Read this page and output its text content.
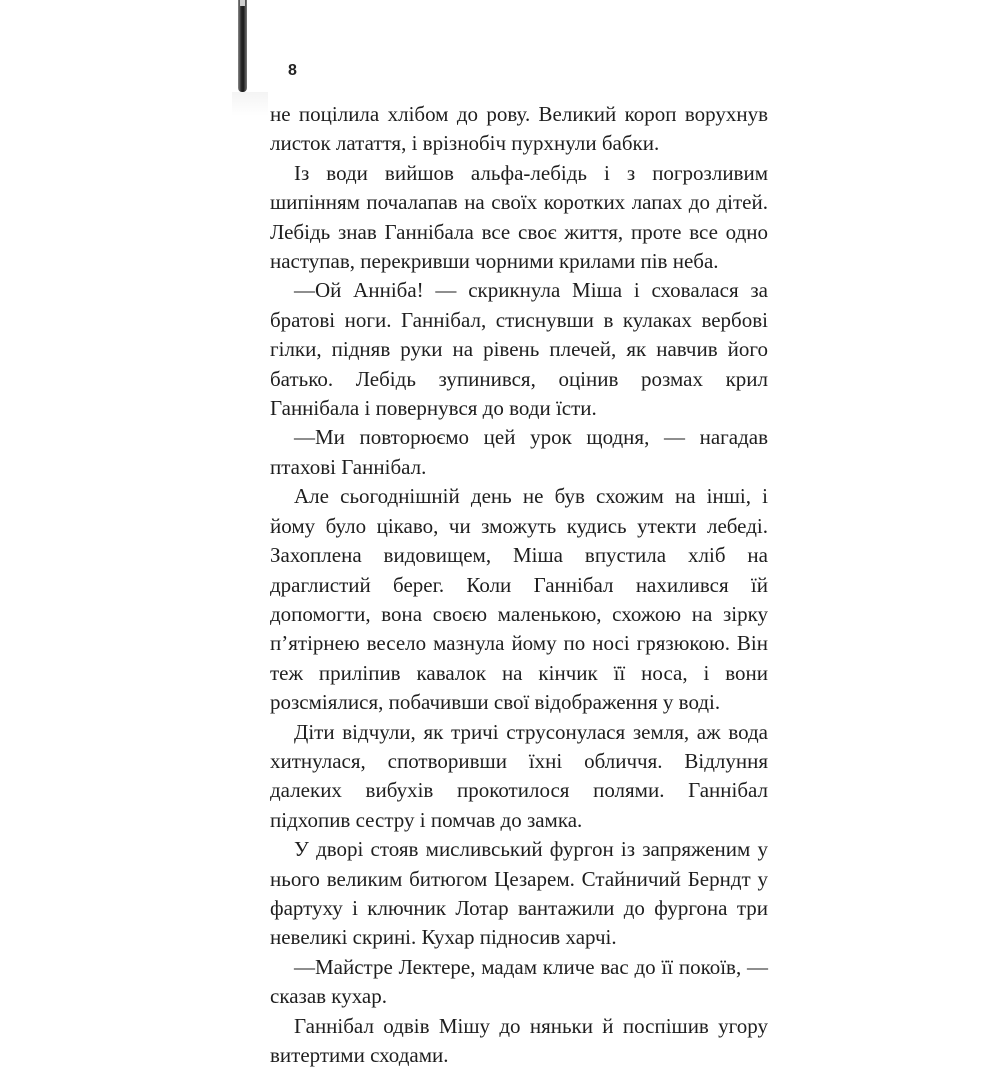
8

не поцілила хлібом до рову. Великий короп ворухнув листок латаття, і врізнобіч пурхнули бабки.

Із води вийшов альфа-лебідь і з погрозливим шипінням почалапав на своїх коротких лапах до дітей. Лебідь знав Ганнібала все своє життя, проте все одно наступав, перекривши чорними крилами пів неба.

—Ой Анніба! — скрикнула Міша і сховалася за братові ноги. Ганнібал, стиснувши в кулаках вербові гілки, підняв руки на рівень плечей, як навчив його батько. Лебідь зупинився, оцінив розмах крил Ганнібала і повернувся до води їсти.

—Ми повторюємо цей урок щодня, — нагадав птахові Ганнібал.

Але сьогоднішній день не був схожим на інші, і йому було цікаво, чи зможуть кудись утекти лебеді. Захоплена видовищем, Міша впустила хліб на драглистий берег. Коли Ганнібал нахилився їй допомогти, вона своєю маленькою, схожою на зірку п’ятірнею весело мазнула йому по носі грязюкою. Він теж приліпив кавалок на кінчик її носа, і вони розсміялися, побачивши свої відображення у воді.

Діти відчули, як тричі струсонулася земля, аж вода хитнулася, спотворивши їхні обличчя. Відлуння далеких вибухів прокотилося полями. Ганнібал підхопив сестру і помчав до замка.

У дворі стояв мисливський фургон із запряженим у нього великим битюгом Цезарем. Стайничий Берндт у фартуху і ключник Лотар вантажили до фургона три невеликі скрині. Кухар підносив харчі.

—Майстре Лектере, мадам кличе вас до її покоїв, — сказав кухар.

Ганнібал одвів Мішу до няньки й поспішив угору витертими сходами.
